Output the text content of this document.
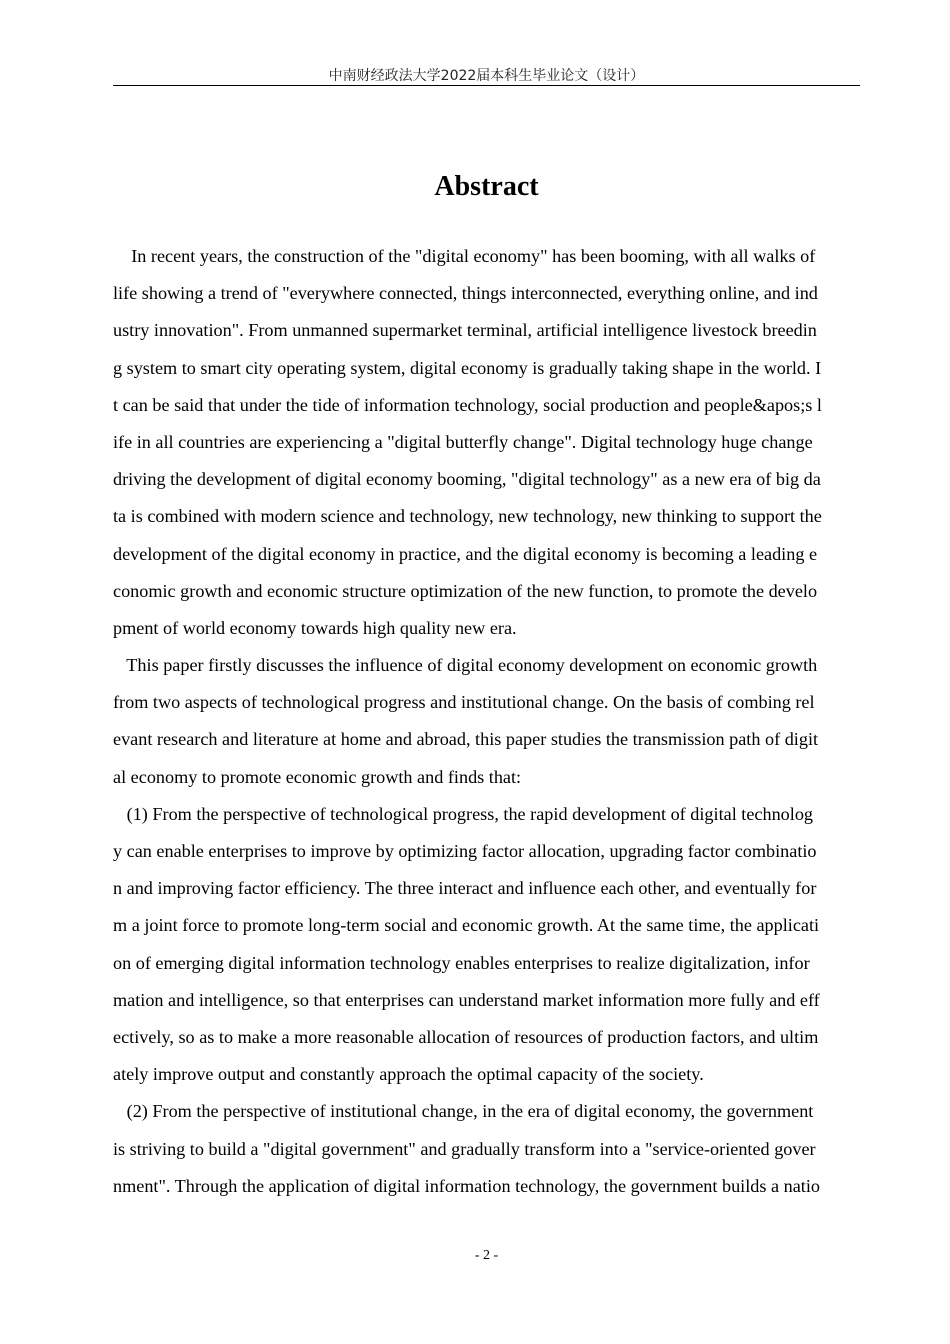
中南财经政法大学2022届本科生毕业论文（设计）
Abstract
In recent years, the construction of the "digital economy" has been booming, with all walks of
life showing a trend of "everywhere connected, things interconnected, everything online, and ind
ustry innovation". From unmanned supermarket terminal, artificial intelligence livestock breedin
g system to smart city operating system, digital economy is gradually taking shape in the world. I
t can be said that under the tide of information technology, social production and people&apos;s l
ife in all countries are experiencing a "digital butterfly change". Digital technology huge change
driving the development of digital economy booming, "digital technology" as a new era of big da
ta is combined with modern science and technology, new technology, new thinking to support the
development of the digital economy in practice, and the digital economy is becoming a leading e
conomic growth and economic structure optimization of the new function, to promote the develo
pment of world economy towards high quality new era.
This paper firstly discusses the influence of digital economy development on economic growth
from two aspects of technological progress and institutional change. On the basis of combing rel
evant research and literature at home and abroad, this paper studies the transmission path of digit
al economy to promote economic growth and finds that:
(1) From the perspective of technological progress, the rapid development of digital technolog
y can enable enterprises to improve by optimizing factor allocation, upgrading factor combinatio
n and improving factor efficiency. The three interact and influence each other, and eventually for
m a joint force to promote long-term social and economic growth. At the same time, the applicati
on of emerging digital information technology enables enterprises to realize digitalization, infor
mation and intelligence, so that enterprises can understand market information more fully and eff
ectively, so as to make a more reasonable allocation of resources of production factors, and ultim
ately improve output and constantly approach the optimal capacity of the society.
(2) From the perspective of institutional change, in the era of digital economy, the government
is striving to build a "digital government" and gradually transform into a "service-oriented gover
nment". Through the application of digital information technology, the government builds a natio
- 2 -
